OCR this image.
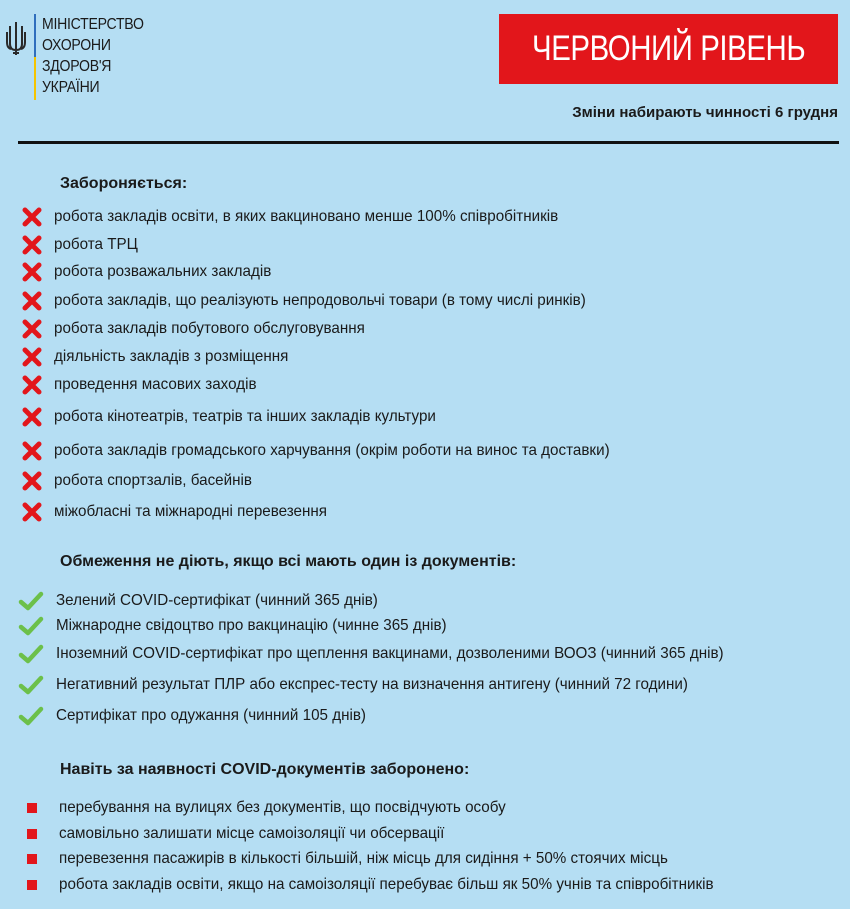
МІНІСТЕРСТВО
ОХОРОНИ
ЗДОРОВ'Я
УКРАЇНИ
ЧЕРВОНИЙ РІВЕНЬ
Зміни набирають чинності 6 грудня
Забороняється:
робота закладів освіти, в яких вакциновано менше 100% співробітників
робота ТРЦ
робота розважальних закладів
робота закладів, що реалізують непродовольчі товари (в тому числі ринків)
робота закладів побутового обслуговування
діяльність закладів з розміщення
проведення масових заходів
робота кінотеатрів, театрів та інших закладів культури
робота закладів громадського харчування (окрім роботи на винос та доставки)
робота спортзалів, басейнів
міжобласні та міжнародні перевезення
Обмеження не діють, якщо всі мають один із документів:
Зелений COVID-сертифікат (чинний 365 днів)
Міжнародне свідоцтво про вакцинацію (чинне 365 днів)
Іноземний COVID-сертифікат про щеплення вакцинами, дозволеними ВООЗ (чинний 365 днів)
Негативний результат ПЛР або експрес-тесту на визначення антигену (чинний 72 години)
Сертифікат про одужання (чинний 105 днів)
Навіть за наявності COVID-документів заборонено:
перебування на вулицях без документів, що посвідчують особу
самовільно залишати місце самоізоляції чи обсервації
перевезення пасажирів в кількості більшій, ніж місць для сидіння + 50% стоячих місць
робота закладів освіти, якщо на самоізоляції перебуває більш як 50% учнів та співробітників
